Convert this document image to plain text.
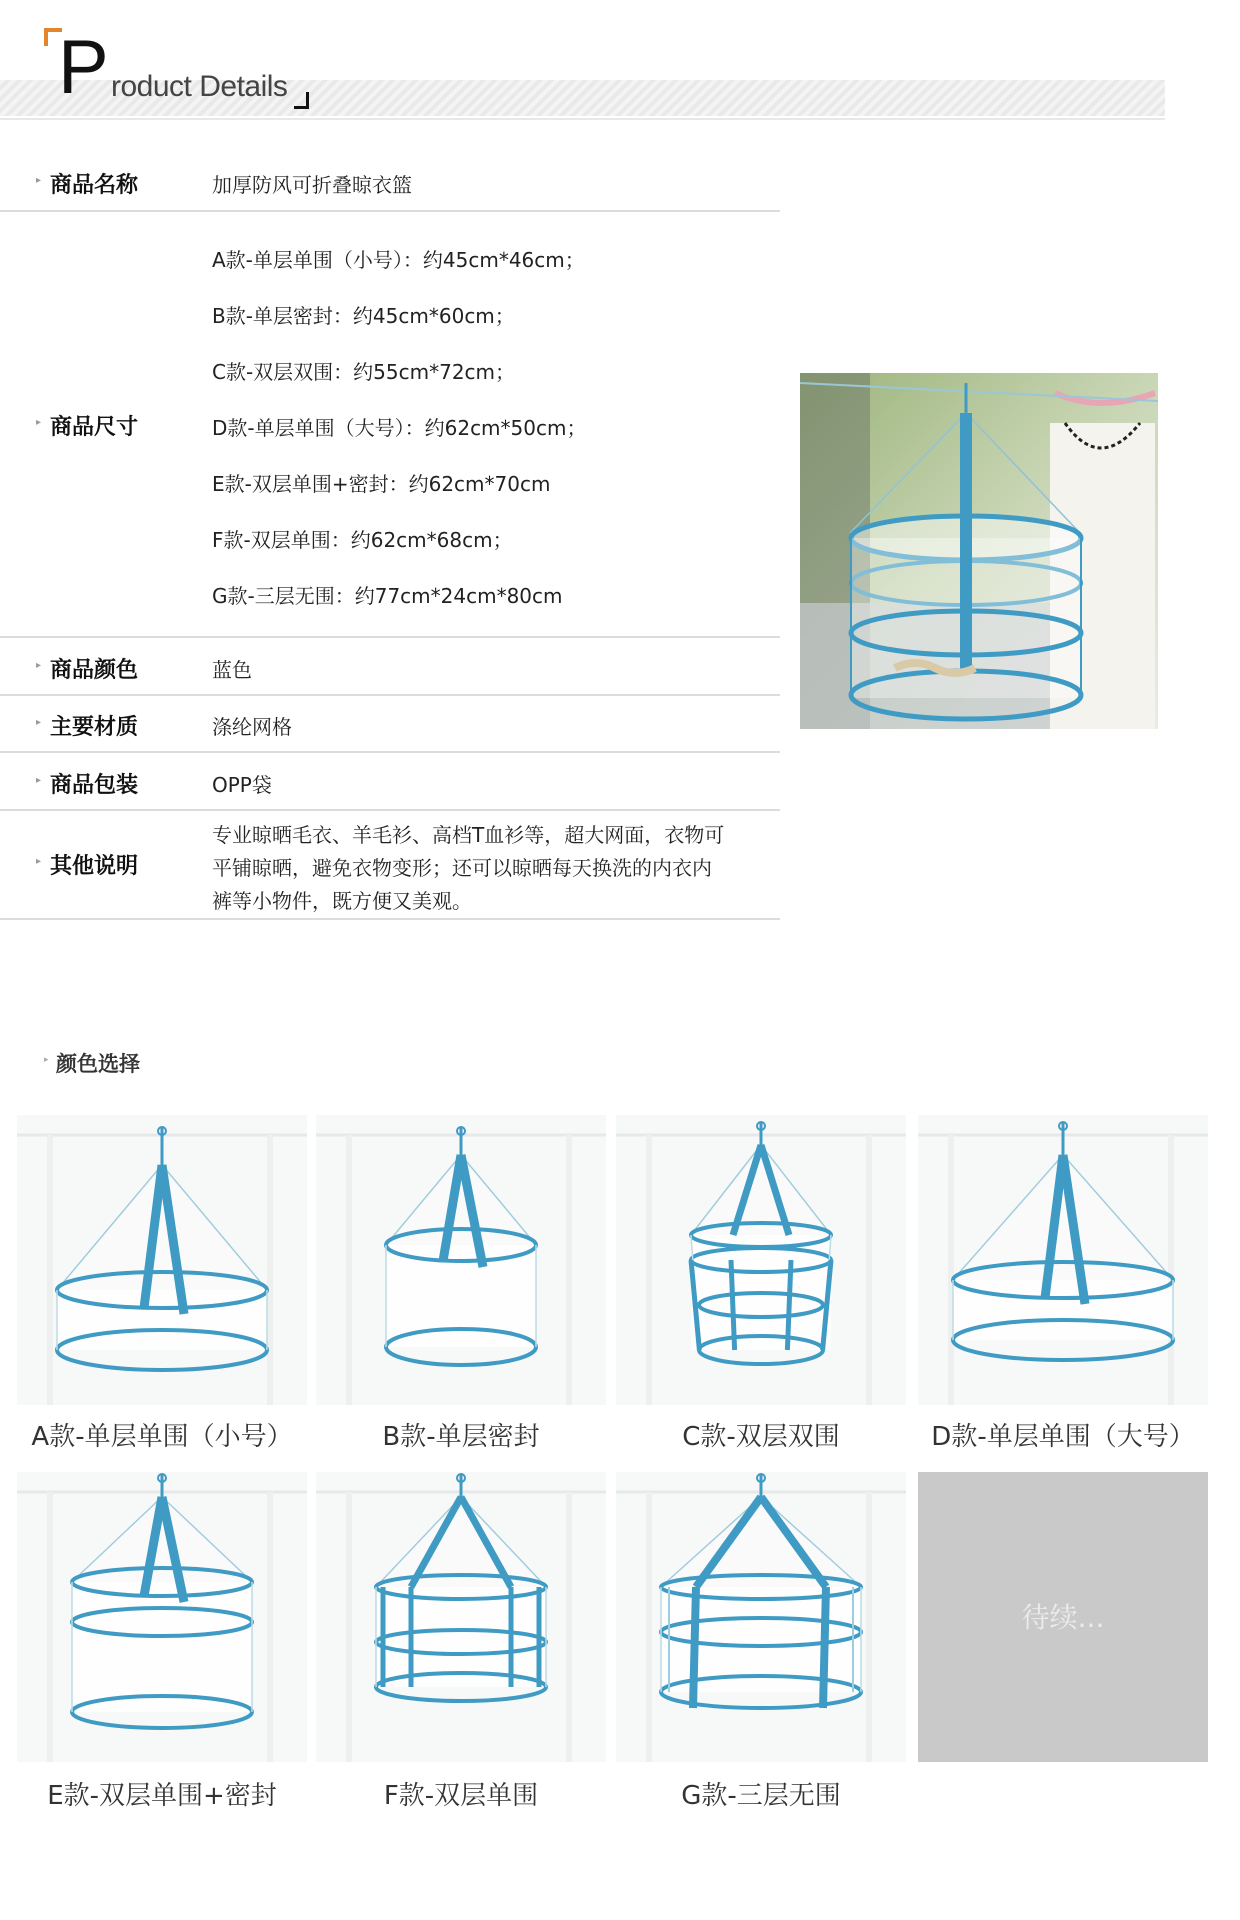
P roduct Details
▸ 商品名称	加厚防风可折叠晾衣篮
▸ 商品尺寸
A款-单层单围（小号）：约45cm*46cm；
B款-单层密封：约45cm*60cm；
C款-双层双围：约55cm*72cm；
D款-单层单围（大号）：约62cm*50cm；
E款-双层单围+密封：约62cm*70cm
F款-双层单围：约62cm*68cm；
G款-三层无围：约77cm*24cm*80cm
▸ 商品颜色	蓝色
▸ 主要材质	涤纶网格
▸ 商品包装	OPP袋
▸ 其他说明
专业晾晒毛衣、羊毛衫、高档T血衫等，超大网面，衣物可
平铺晾晒，避免衣物变形；还可以晾晒每天换洗的内衣内
裤等小物件，既方便又美观。
▸ 颜色选择
A款-单层单围（小号）	B款-单层密封	C款-双层双围	D款-单层单围（大号）
待续...
E款-双层单围+密封	F款-双层单围	G款-三层无围
